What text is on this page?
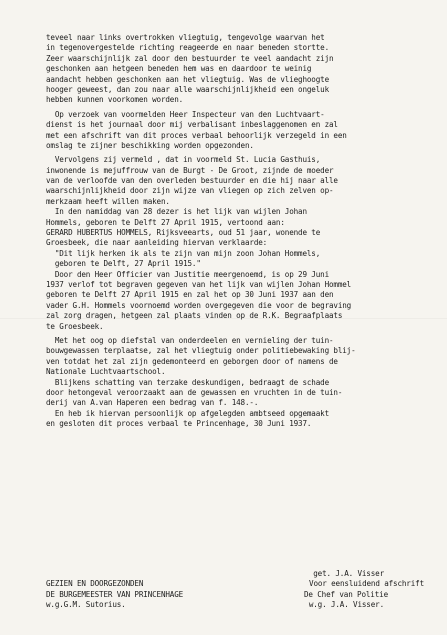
teveel naar links overtrokken vliegtuig, tengevolge waarvan het
in tegenovergestelde richting reageerde en naar beneden stortte.
Zeer waarschijnlijk zal door den bestuurder te veel aandacht zijn
geschonken aan hetgeen beneden hem was en daardoor te weinig
aandacht hebben geschonken aan het vliegtuig. Was de vlieghoogte
hooger geweest, dan zou naar alle waarschijnlijkheid een ongeluk
hebben kunnen voorkomen worden.
Op verzoek van voormelden Heer Inspecteur van den Luchtvaart-
dienst is het journaal door mij verbalisant inbeslaggenomen en zal
met een afschrift van dit proces verbaal behoorlijk verzegeld in een
omslag te zijner beschikking worden opgezonden.
Vervolgens zij vermeld , dat in voormeld St. Lucia Gasthuis,
inwonende is mejuffrouw van de Burgt - De Groot, zijnde de moeder
van de verloofde van den overleden bestuurder en die hij naar alle
waarschijnlijkheid door zijn wijze van vliegen op zich zelven op-
merkzaam heeft willen maken.
In den namiddag van 28 dezer is het lijk van wijlen Johan
Hommels, geboren te Delft 27 April 1915, vertoond aan:
GERARD HUBERTUS HOMMELS, Rijksveearts, oud 51 jaar, wonende te
Groesbeek, die naar aanleiding hiervan verklaarde:
"Dit lijk herken ik als te zijn van mijn zoon Johan Hommels,
geboren te Delft, 27 April 1915."
Door den Heer Officier van Justitie meergenoemd, is op 29 Juni
1937 verlof tot begraven gegeven van het lijk van wijlen Johan Hommel
geboren te Delft 27 April 1915 en zal het op 30 Juni 1937 aan den
vader G.H. Hommels voornoemd worden overgegeven die voor de begraving
zal zorg dragen, hetgeen zal plaats vinden op de R.K. Begraafplaats
te Groesbeek.
Met het oog op diefstal van onderdeelen en vernieling der tuin-
bouwgewassen terplaatse, zal het vliegtuig onder politiebewaking blij-
ven totdat het zal zijn gedemonteerd en geborgen door of namens de
Nationale Luchtvaartschool.
Blijkens schatting van terzake deskundigen, bedraagt de schade
door hetongeval veroorzaakt aan de gewassen en vruchten in de tuin-
derij van A.van Haperen een bedrag van f. 148.-.
En heb ik hiervan persoonlijk op afgelegden ambtseed opgemaakt
en gesloten dit proces verbaal te Princenhage, 30 Juni 1937.
get. J.A. Visser
GEZIEN EN DOORGEZONDEN	Voor eensluidend afschrift
DE BURGEMEESTER VAN PRINCENHAGE	De Chef van Politie
w.g.G.M. Sutorius.	w.g. J.A. Visser.
